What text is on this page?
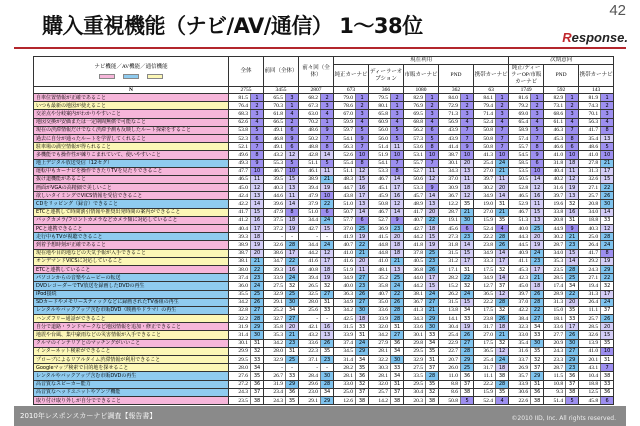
42
購入重視機能（ナビ/AV/通信） 1～38位	Response.
ナビ機能／AV機能／通信機能	全体		前回（全体）		前々回（全体）		現在利用										次期意向					
							純正カーナビ		ディーラーオプション		市販カーナビ		PND		携帯カーナビ		純正/ディーラーOP/市販カーナビ		PND		携帯カーナビ	
N	2755		3455		2807		673		366		1080		362		63		1749		592		143	
自車位置情報が正確であること	81.5	1	65.5	3	68.2	2	79.0	1	79.5	2	82.9	1	84.0	1	84.1	1	81.6	1	82.9	1	81.9	1
いつも最新の地図が使えること	76.4	2	70.3	1	67.3	3	78.6	2	80.1	1	76.9	2	72.9	2	79.4	2	79.2	2	73.1	2	74.3	2
交差点や分岐案内がわかりやすいこと	68.3	3	61.8	4	63.0	4	67.0	3	65.8	3	69.5	3	71.3	3	71.4	3	69.0	3	68.6	3	70.1	3
地図交換が安価または一定期間無償で可能なこと	62.6	4	66.5	2	70.2	1	59.9	4	60.9	4	68.8	4	56.9	4	52.4	4	65.4	4	61.1	4	56.3	4
現在の渋滞情報だけでなく渋滞予測も反映したルート探索をすること	53.8	5	49.1	6	48.6	9	59.7	5	56.0	5	56.2	6	43.9	7	50.8	7	58.9	5	46.3	7	41.7	8
過去に自分が通ったルートを学習してくれること	52.3	6	46.8	9	50.2	7	54.1	9	56.0	5	57.3	5	43.9	7	50.8	7	57.4	7	45.3	8	35.4	13
駐車場の満空情報が得られること	52.1	7	49.1	6	48.8	8	56.3	7	51.4	11	53.6	8	41.4	9	50.8	7	55.7	8	46.6	6	48.6	5
多機能でも操作性が練りこまれていて、使いやすいこと	49.6	8	43.2	12	42.8	14	52.6	10	51.9	10	53.1	10	38.7	10	41.3	10	54.5	9	41.0	10	41.0	10
地上デジタル放送受信（12セグ）	49.3	9	55.3	5	51.1	5	55.4	8	54.1	7	55.7	7	30.1	20	25.4	24	58.5	6	31.8	18	27.8	21
運転中もカーナビを操作できたりTVを見たりできること	47.7	10	46.7	10	46.1	11	51.1	12	53.3	8	52.7	11	34.3	13	27.0	21	53.5	10	40.4	11	31.3	17
抜け道機能があること	46.5	11	39.5	15	38.9	21	48.3	15	46.7	14	50.6	12	37.0	11	39.7	11	50.5	14	40.2	12	32.6	15
画面がVGAの高精細で美しいこと	45.0	12	40.3	13	39.4	19	44.7	16	45.1	17	53.3	9	30.9	18	30.2	20	52.8	12	31.6	19	27.1	22
欲しいタイミングでVICS情報を受信できること	42.4	13	44.6	11	47.9	10	43.8	17	45.9	16	45.7	14	36.7	12	34.9	14	46.5	16	39.7	13	25.7	26
CDをリッピング（録音）できること	42.2	14	39.6	14	37.9	22	51.0	13	50.8	12	48.9	13	12.2	35	19.0	31	52.9	11	19.6	32	20.8	30
ETCと連携して時間割引情報や推奨出発時間の案内ができること	41.7	15	47.9	8	51.0	6	50.7	14	46.7	14	41.7	20	28.7	21	27.0	21	46.7	15	33.8	16	34.0	14
バックカメラ/フロントカメラなどカメラ類に対応していること	41.2	16	37.5	18	34.4	24	57.7	6	52.7	9	40.7	22	19.1	30	15.9	35	51.3	13	20.8	31	18.8	33
PCと連携できること	40.4	17	37.2	19	42.7	15	37.0	25	36.9	23	42.7	18	45.6	6	52.4	4	40.0	25	44.9	9	40.3	12
走行中もTVが視聴できること	39.3	18	-	-	-	-	41.9	19	41.5	20	44.2	15	27.3	23	22.2	28	44.3	20	30.2	21	25.0	28
到着予想時刻が正確であること	38.9	19	32.6	28	34.4	24	40.7	22	44.8	18	41.8	19	31.8	14	23.8	26	44.5	19	28.7	23	26.4	24
現在地や目的地などの天気予報が入手できること	38.7	20	38.6	17	44.2	12	41.0	21	44.8	18	37.8	25	31.5	15	34.9	14	40.9	24	34.0	15	41.7	8
オンデマンドVICSに対応していること	38.1	21	34.7	22	41.6	17	41.6	20	41.0	21	40.5	23	31.2	17	33.3	17	41.1	23	35.3	14	29.2	19
ETCと連携していること	38.0	22	39.3	16	40.8	18	51.9	11	48.1	13	36.8	26	17.1	31	17.5	32	45.3	17	23.5	28	24.3	29
パソコンからの音楽やムービーの転送	37.4	23	33.9	24	39.4	19	34.9	27	35.2	25	44.0	17	28.2	22	34.9	14	42.3	21	28.5	25	27.1	22
DVDレコーダーでTV放送を録画したDVDの再生	36.0	24	27.5	32	26.5	32	40.0	23	35.8	24	44.2	15	15.2	32	12.7	37	45.0	18	17.4	34	19.4	32
iPod接続	35.5	25	32.9	25	32.5	27	36.3	26	40.7	22	38.1	24	26.2	24	36.5	12	39.7	26	28.9	22	31.3	17
SDカードやメモリースティックなどに録画されたTV番組の再生	34.2	26	29.1	30	28.0	31	34.9	27	35.0	26	36.7	27	31.5	15	22.2	28	37.0	28	31.3	20	26.4	24
レンタルやバックアップ含む市販DVD（映画やドラマ）の再生	32.8	27	25.2	34	25.6	33	34.2	30	33.6	28	41.3	21	13.8	34	17.5	32	42.2	22	15.0	35	11.1	37
ハンズフリー通話ができること	32.2	28	32.7	27	-	-	42.5	18	33.9	28	34.3	29	14.1	33	23.8	26	38.4	27	18.1	33	25.7	26
自分で道路・ランドマークなど地図情報を追加・修正できること	31.9	29	35.8	20	42.1	16	31.5	33	32.0	31	33.6	30	30.4	19	31.7	18	32.3	34	33.6	17	28.5	20
地震や台風、集中豪雨などの災害情報が入手できること	31.4	30	35.3	21	43.2	13	33.9	31	34.2	27	30.1	33	25.4	26	27.0	21	33.0	33	27.7	26	32.6	15
クルマのインテリアとのマッチングがいいこと	30.1	31	34.2	23	33.6	26	37.4	24	27.9	36	29.8	34	22.9	27	17.5	32	35.4	30	20.9	30	13.9	35
インターネット検索ができること	29.9	32	28.0	31	22.3	35	34.5	29	28.1	34	29.5	35	22.7	28	36.5	12	31.6	35	24.3	27	41.0	10
プローブによるリアルタイム渋滞情報が利用できること	29.5	33	32.9	25	37.1	23	31.4	34	32.2	30	32.9	31	20.7	29	25.4	24	33.7	32	23.3	29	20.1	31
Googleマップ検索で目的地を探せること	28.0	34	-	-	-	-	28.2	35	30.3	33	27.5	37	26.0	25	31.7	18	26.9	37	28.7	23	43.1	7
レンタルやバックアップ含む市販DVDの再生	27.6	35	26.7	33	28.4	30	28.1	36	28.1	34	33.5	28	11.0	36	11.1	38	35.7	29	11.5	36	10.4	38
高音質なスピーカー能力	27.2	36	31.9	29	29.6	28	33.0	32	32.0	31	29.5	35	8.8	37	22.2	28	33.9	31	10.8	37	18.8	33
高音質なヘッドユニットやアンプ機能	24.3	37	23.4	36	23.0	34	25.0	37	25.7	37	30.4	32	8.6	38	15.9	35	30.6	36	9.3	38	12.5	36
取り付け取り外しが自分でできること	23.5	38	24.3	35	29.1	29	12.6	38	14.2	38	20.3	38	50.8	5	52.4	4	22.6	38	51.4	5	45.8	6
2010年レスポンスカーナビ調査【報告書】	©2010 IID, Inc. All rights reserved.
